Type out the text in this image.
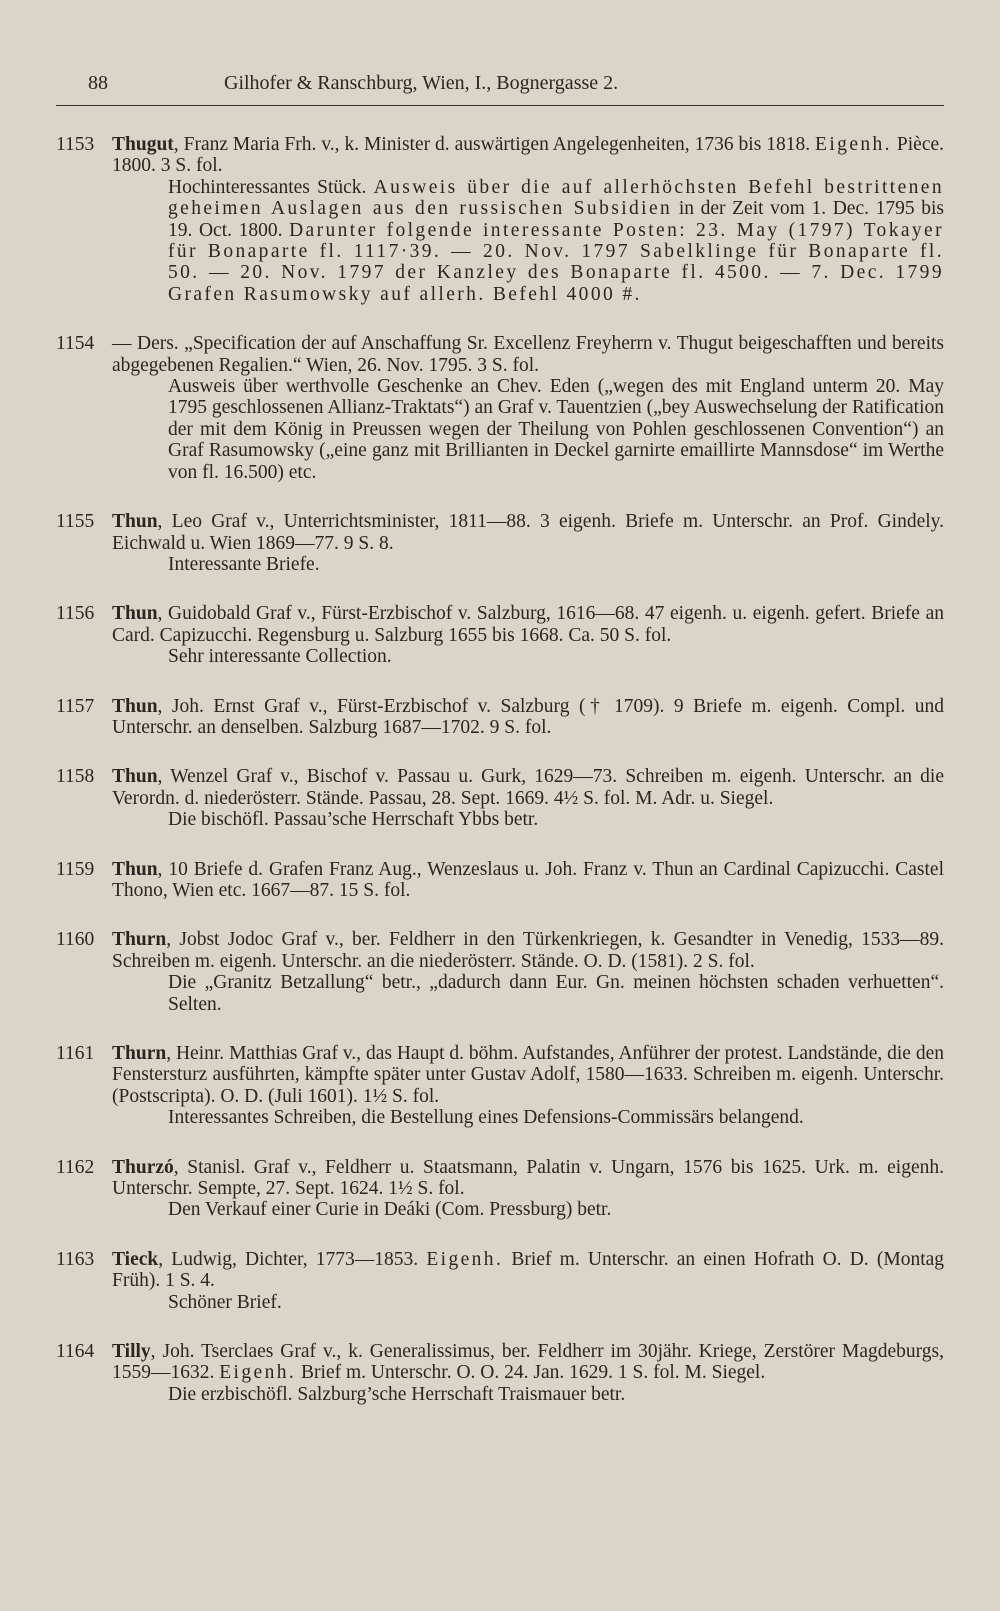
88	Gilhofer & Ranschburg, Wien, I., Bognergasse 2.
1153 Thugut, Franz Maria Frh. v., k. Minister d. auswärtigen Angelegenheiten, 1736 bis 1818. Eigenh. Pièce. 1800. 3 S. fol.
Hochinteressantes Stück. Ausweis über die auf allerhöchsten Befehl bestrittenen geheimen Auslagen aus den russischen Subsidien in der Zeit vom 1. Dec. 1795 bis 19. Oct. 1800. Darunter folgende interessante Posten: 23. May (1797) Tokayer für Bonaparte fl. 1117·39. — 20. Nov. 1797 Sabelklinge für Bonaparte fl. 50. — 20. Nov. 1797 der Kanzley des Bonaparte fl. 4500. — 7. Dec. 1799 Grafen Rasumowsky auf allerh. Befehl 4000 #.
1154 — Ders. „Specification der auf Anschaffung Sr. Excellenz Freyherrn v. Thugut beigeschafften und bereits abgegebenen Regalien.“ Wien, 26. Nov. 1795. 3 S. fol.
Ausweis über werthvolle Geschenke an Chev. Eden („wegen des mit England unterm 20. May 1795 geschlossenen Allianz-Traktats“) an Graf v. Tauentzien („bey Auswechselung der Ratification der mit dem König in Preussen wegen der Theilung von Pohlen geschlossenen Convention“) an Graf Rasumowsky („eine ganz mit Brillianten in Deckel garnirte emaillirte Mannsdose“ im Werthe von fl. 16.500) etc.
1155 Thun, Leo Graf v., Unterrichtsminister, 1811—88. 3 eigenh. Briefe m. Unterschr. an Prof. Gindely. Eichwald u. Wien 1869—77. 9 S. 8.
Interessante Briefe.
1156 Thun, Guidobald Graf v., Fürst-Erzbischof v. Salzburg, 1616—68. 47 eigenh. u. eigenh. gefert. Briefe an Card. Capizucchi. Regensburg u. Salzburg 1655 bis 1668. Ca. 50 S. fol.
Sehr interessante Collection.
1157 Thun, Joh. Ernst Graf v., Fürst-Erzbischof v. Salzburg († 1709). 9 Briefe m. eigenh. Compl. und Unterschr. an denselben. Salzburg 1687—1702. 9 S. fol.
1158 Thun, Wenzel Graf v., Bischof v. Passau u. Gurk, 1629—73. Schreiben m. eigenh. Unterschr. an die Verordn. d. niederösterr. Stände. Passau, 28. Sept. 1669. 4½ S. fol. M. Adr. u. Siegel.
Die bischöfl. Passau’sche Herrschaft Ybbs betr.
1159 Thun, 10 Briefe d. Grafen Franz Aug., Wenzeslaus u. Joh. Franz v. Thun an Cardinal Capizucchi. Castel Thono, Wien etc. 1667—87. 15 S. fol.
1160 Thurn, Jobst Jodoc Graf v., ber. Feldherr in den Türkenkriegen, k. Gesandter in Venedig, 1533—89. Schreiben m. eigenh. Unterschr. an die niederösterr. Stände. O. D. (1581). 2 S. fol.
Die „Granitz Betzallung“ betr., „dadurch dann Eur. Gn. meinen höchsten schaden verhuetten“. Selten.
1161 Thurn, Heinr. Matthias Graf v., das Haupt d. böhm. Aufstandes, Anführer der protest. Landstände, die den Fenstersturz ausführten, kämpfte später unter Gustav Adolf, 1580—1633. Schreiben m. eigenh. Unterschr. (Postscripta). O. D. (Juli 1601). 1½ S. fol.
Interessantes Schreiben, die Bestellung eines Defensions-Commissärs belangend.
1162 Thurzó, Stanisl. Graf v., Feldherr u. Staatsmann, Palatin v. Ungarn, 1576 bis 1625. Urk. m. eigenh. Unterschr. Sempte, 27. Sept. 1624. 1½ S. fol.
Den Verkauf einer Curie in Deáki (Com. Pressburg) betr.
1163 Tieck, Ludwig, Dichter, 1773—1853. Eigenh. Brief m. Unterschr. an einen Hofrath O. D. (Montag Früh). 1 S. 4.
Schöner Brief.
1164 Tilly, Joh. Tserclaes Graf v., k. Generalissimus, ber. Feldherr im 30jähr. Kriege, Zerstörer Magdeburgs, 1559—1632. Eigenh. Brief m. Unterschr. O. O. 24. Jan. 1629. 1 S. fol. M. Siegel.
Die erzbischöfl. Salzburg’sche Herrschaft Traismauer betr.
